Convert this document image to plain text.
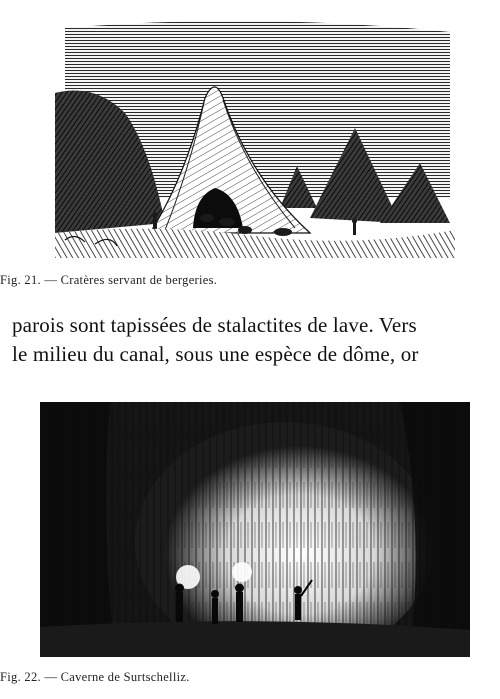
Fig. 21. — Cratères servant de bergeries.
parois sont tapissées de stalactites de lave. Vers
le milieu du canal, sous une espèce de dôme, or
Fig. 22. — Caverne de Surtschelliz.
